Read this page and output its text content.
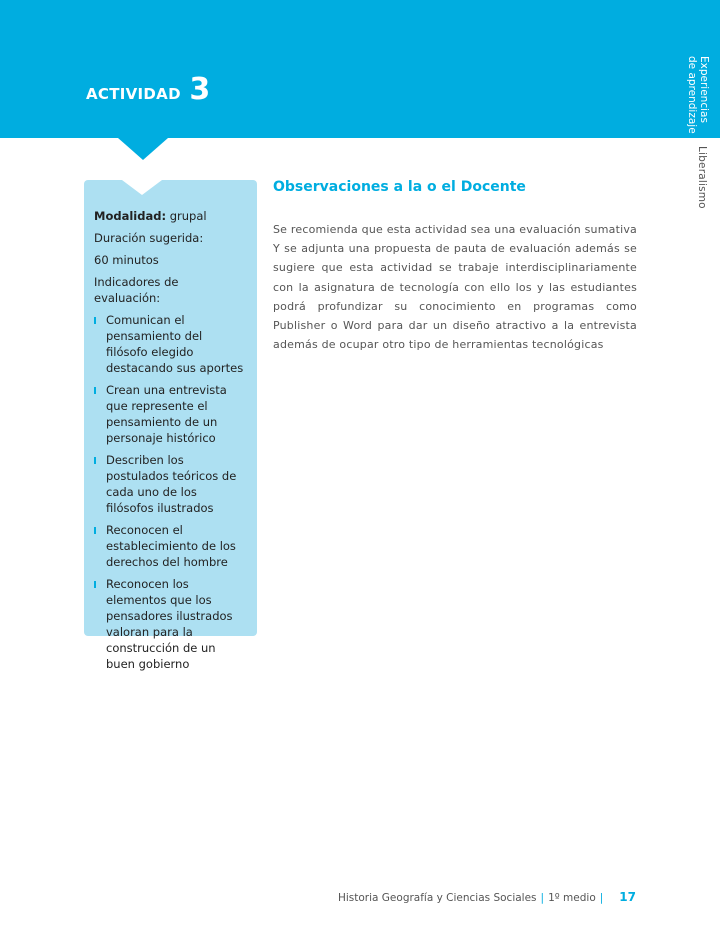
ACTIVIDAD 3	Experiencias
de aprendizaje
Liberalismo

Modalidad: grupal

Duración sugerida:

60 minutos

Indicadores de evaluación:

Comunican el pensamiento del filósofo elegido destacando sus aportes
Crean una entrevista que represente el pensamiento de un personaje histórico
Describen los postulados teóricos de cada uno de los filósofos ilustrados
Reconocen el establecimiento de los derechos del hombre
Reconocen los elementos que los pensadores ilustrados valoran para la construcción de un buen gobierno
Observaciones a la o el Docente
Se recomienda que esta actividad sea una evaluación sumativa Y se adjunta una propuesta de pauta de evaluación además se sugiere que esta actividad se trabaje interdisciplinariamente con la asignatura de tecnología con ello los y las estudiantes podrá profundizar su conocimiento en programas como Publisher o Word para dar un diseño atractivo a la entrevista además de ocupar otro tipo de herramientas tecnológicas
Historia Geografía y Ciencias Sociales | 1º medio | 17
